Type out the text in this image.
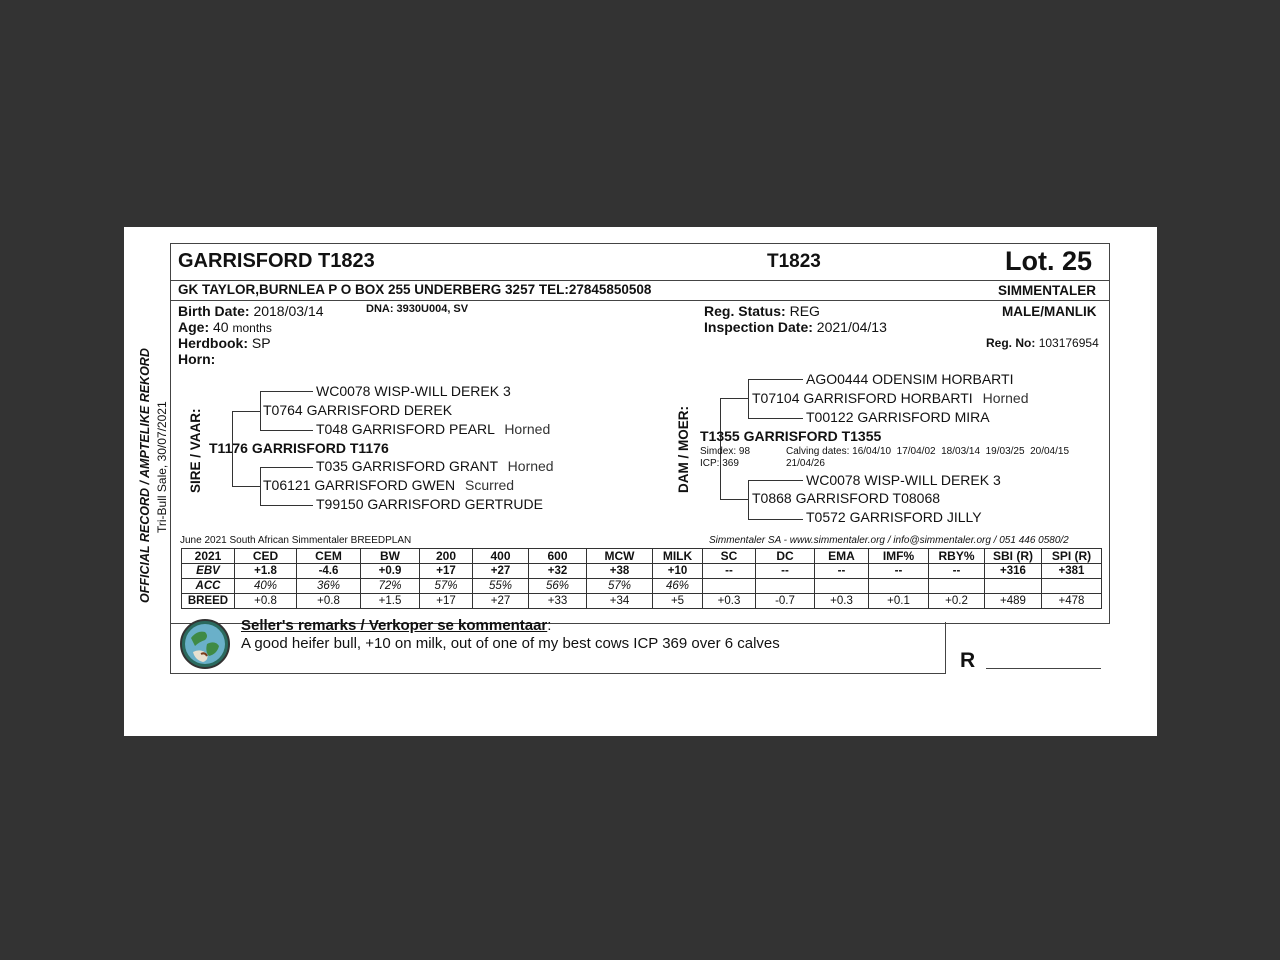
OFFICIAL RECORD / AMPTELIKE REKORD Tri-Bull Sale, 30/07/2021
GARRISFORD T1823	T1823	Lot. 25
GK TAYLOR,BURNLEA P O BOX 255 UNDERBERG 3257 TEL:27845850508	SIMMENTALER
Birth Date: 2018/03/14	DNA: 3930U004, SV
Age: 40 months
Herdbook: SP
Horn:
Reg. Status: REG
Inspection Date: 2021/04/13
MALE/MANLIK
Reg. No: 103176954
SIRE / VAAR:
WC0078 WISP-WILL DEREK 3
T0764 GARRISFORD DEREK
T048 GARRISFORD PEARL Horned
T1176 GARRISFORD T1176
T035 GARRISFORD GRANT Horned
T06121 GARRISFORD GWEN Scurred
T99150 GARRISFORD GERTRUDE
DAM / MOER:
AGO0444 ODENSIM HORBARTI
T07104 GARRISFORD HORBARTI Horned
T00122 GARRISFORD MIRA
T1355 GARRISFORD T1355
Simdex: 98
ICP: 369
Calving dates: 16/04/10  17/04/02  18/03/14  19/03/25  20/04/15
21/04/26
WC0078 WISP-WILL DEREK 3
T0868 GARRISFORD T08068
T0572 GARRISFORD JILLY
June 2021 South African Simmentaler BREEDPLAN	Simmentaler SA - www.simmentaler.org / info@simmentaler.org / 051 446 0580/2
2021	CED	CEM	BW	200	400	600	MCW	MILK	SC	DC	EMA	IMF%	RBY%	SBI (R)	SPI (R)
EBV	+1.8	-4.6	+0.9	+17	+27	+32	+38	+10	--	--	--	--	--	+316	+381
ACC	40%	36%	72%	57%	55%	56%	57%	46%							
BREED	+0.8	+0.8	+1.5	+17	+27	+33	+34	+5	+0.3	-0.7	+0.3	+0.1	+0.2	+489	+478
Seller's remarks / Verkoper se kommentaar:
A good heifer bull, +10 on milk, out of one of my best cows ICP 369 over 6 calves
R
